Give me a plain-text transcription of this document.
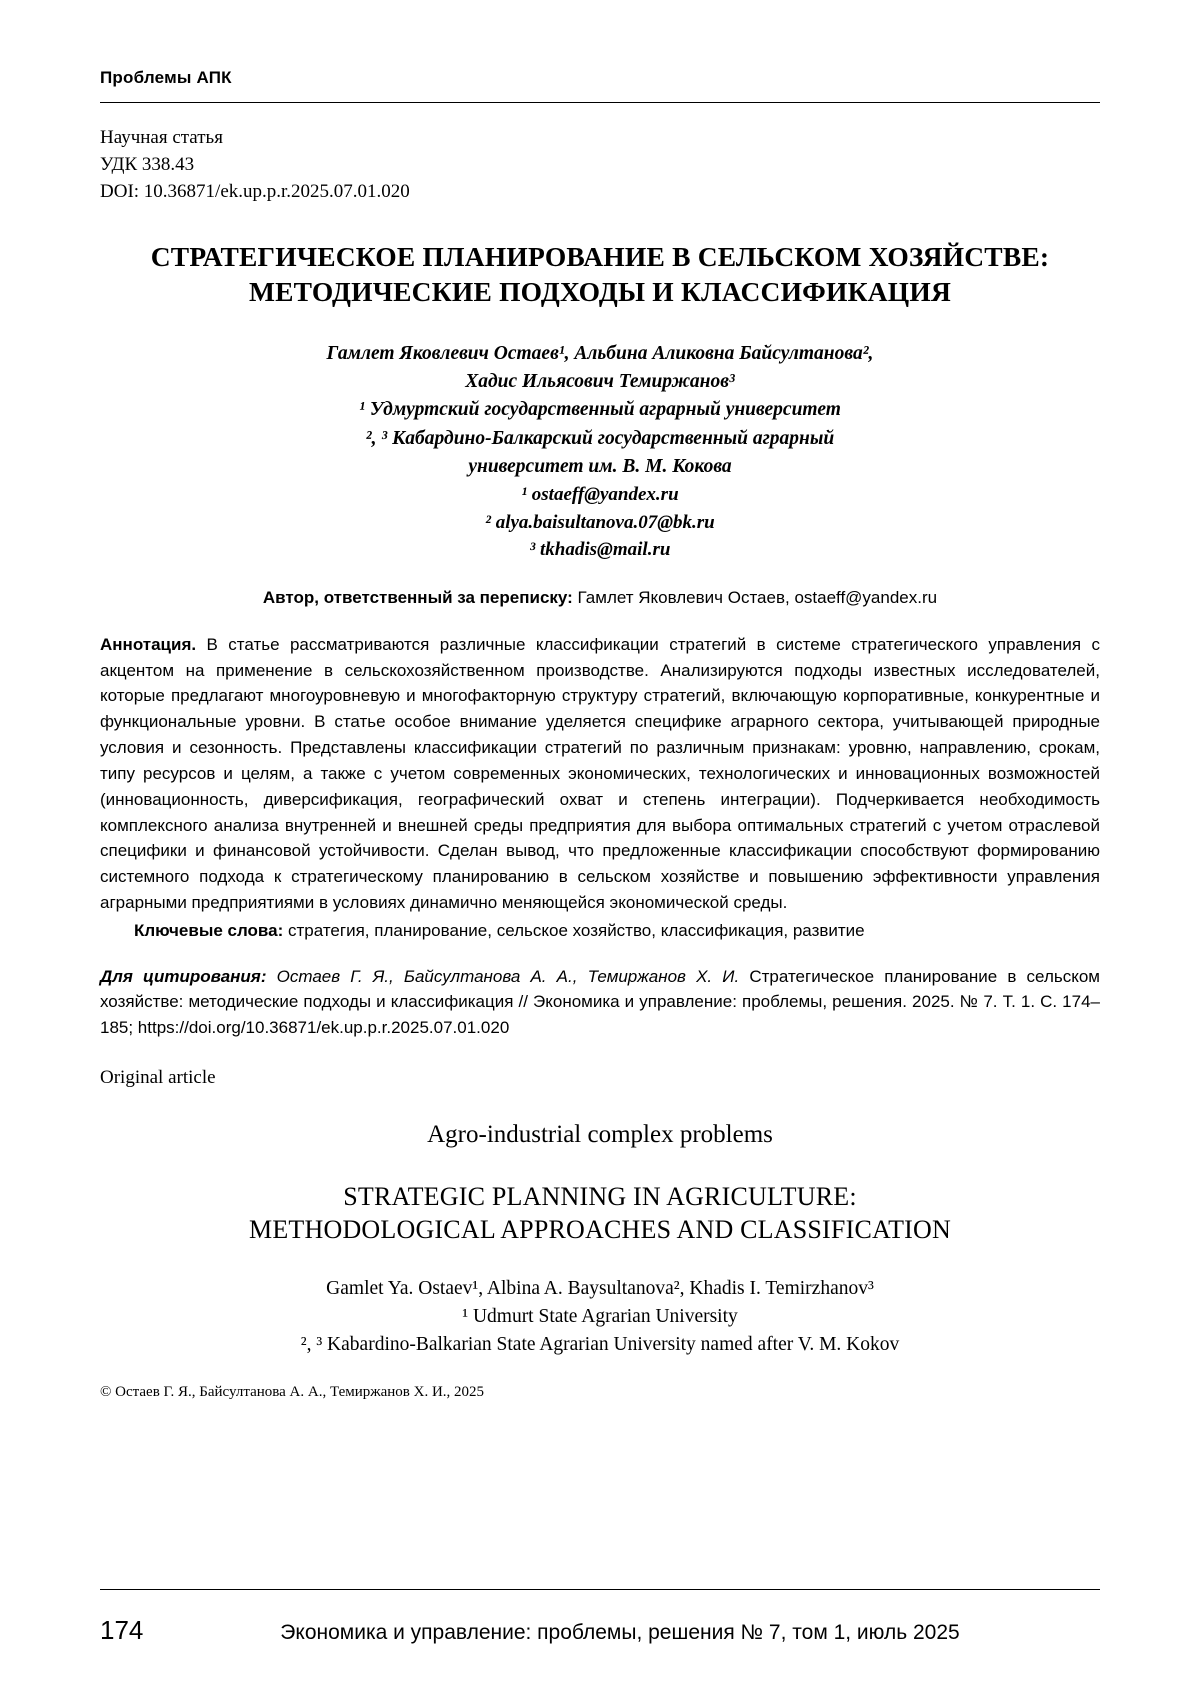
Проблемы АПК
Научная статья
УДК 338.43
DOI: 10.36871/ek.up.p.r.2025.07.01.020
СТРАТЕГИЧЕСКОЕ ПЛАНИРОВАНИЕ В СЕЛЬСКОМ ХОЗЯЙСТВЕ: МЕТОДИЧЕСКИЕ ПОДХОДЫ И КЛАССИФИКАЦИЯ
Гамлет Яковлевич Остаев¹, Альбина Аликовна Байсултанова²,
Хадис Ильясович Темиржанов³
¹ Удмуртский государственный аграрный университет
², ³ Кабардино-Балкарский государственный аграрный
университет им. В. М. Кокова
¹ ostaeff@yandex.ru
² alya.baisultanova.07@bk.ru
³ tkhadis@mail.ru
Автор, ответственный за переписку: Гамлет Яковлевич Остаев, ostaeff@yandex.ru
Аннотация. В статье рассматриваются различные классификации стратегий в системе стратегического управления с акцентом на применение в сельскохозяйственном производстве. Анализируются подходы известных исследователей, которые предлагают многоуровневую и многофакторную структуру стратегий, включающую корпоративные, конкурентные и функциональные уровни. В статье особое внимание уделяется специфике аграрного сектора, учитывающей природные условия и сезонность. Представлены классификации стратегий по различным признакам: уровню, направлению, срокам, типу ресурсов и целям, а также с учетом современных экономических, технологических и инновационных возможностей (инновационность, диверсификация, географический охват и степень интеграции). Подчеркивается необходимость комплексного анализа внутренней и внешней среды предприятия для выбора оптимальных стратегий с учетом отраслевой специфики и финансовой устойчивости. Сделан вывод, что предложенные классификации способствуют формированию системного подхода к стратегическому планированию в сельском хозяйстве и повышению эффективности управления аграрными предприятиями в условиях динамично меняющейся экономической среды.
Ключевые слова: стратегия, планирование, сельское хозяйство, классификация, развитие
Для цитирования: Остаев Г. Я., Байсултанова А. А., Темиржанов Х. И. Стратегическое планирование в сельском хозяйстве: методические подходы и классификация // Экономика и управление: проблемы, решения. 2025. № 7. Т. 1. С. 174–185; https://doi.org/10.36871/ek.up.p.r.2025.07.01.020
Original article
Agro-industrial complex problems
STRATEGIC PLANNING IN AGRICULTURE:
METHODOLOGICAL APPROACHES AND CLASSIFICATION
Gamlet Ya. Ostaev¹, Albina A. Baysultanova², Khadis I. Temirzhanov³
¹ Udmurt State Agrarian University
², ³ Kabardino-Balkarian State Agrarian University named after V. M. Kokov
© Остаев Г. Я., Байсултанова А. А., Темиржанов Х. И., 2025
174	Экономика и управление: проблемы, решения № 7, том 1, июль 2025
